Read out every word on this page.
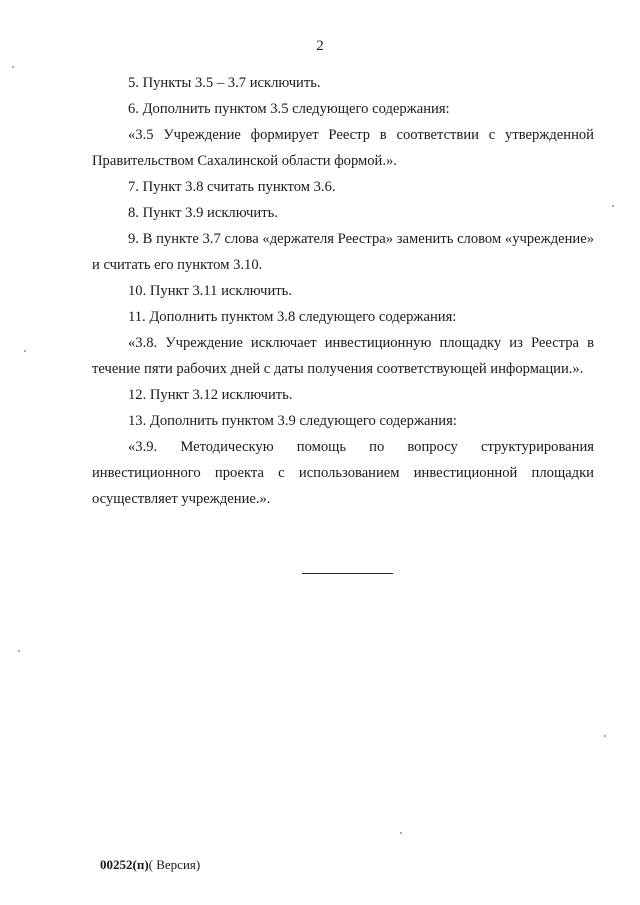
2

5. Пункты 3.5 – 3.7 исключить.

6. Дополнить пунктом 3.5 следующего содержания:

«3.5 Учреждение формирует Реестр в соответствии с утвержденной Правительством Сахалинской области формой.».

7. Пункт 3.8 считать пунктом 3.6.

8. Пункт 3.9 исключить.

9. В пункте 3.7 слова «держателя Реестра» заменить словом «учреждение» и считать его пунктом 3.10.

10. Пункт 3.11 исключить.

11. Дополнить пунктом 3.8 следующего содержания:

«3.8. Учреждение исключает инвестиционную площадку из Реестра в течение пяти рабочих дней с даты получения соответствующей информации.».

12. Пункт 3.12 исключить.

13. Дополнить пунктом 3.9 следующего содержания:

«3.9. Методическую помощь по вопросу структурирования инвестиционного проекта с использованием инвестиционной площадки осуществляет учреждение.».

00252(п)( Версия)
